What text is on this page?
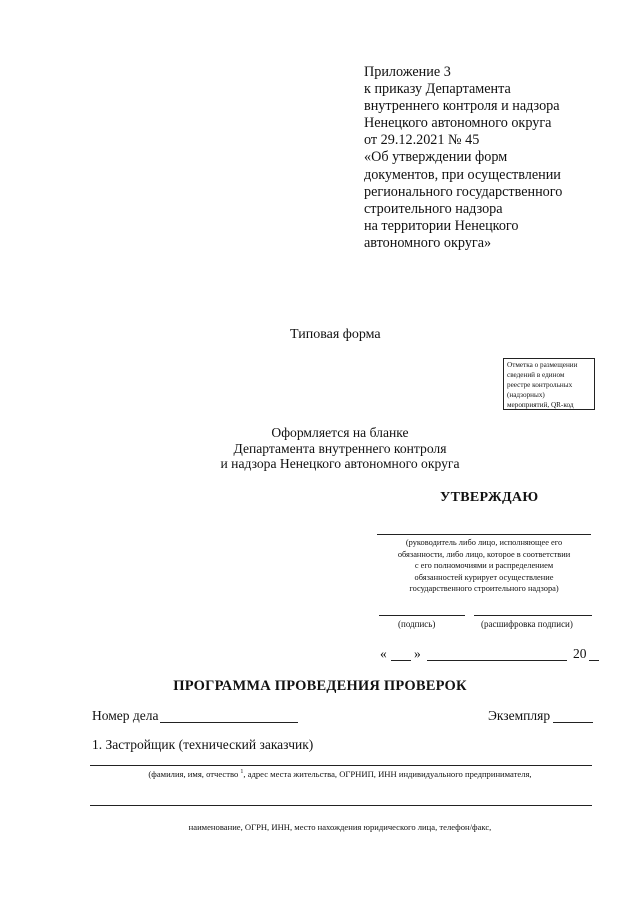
Приложение 3
к приказу Департамента
внутреннего контроля и надзора
Ненецкого автономного округа
от 29.12.2021 № 45
«Об утверждении форм
документов, при осуществлении
регионального государственного
строительного надзора
на территории Ненецкого
автономного округа»
Типовая форма
Отметка о размещении
сведений в едином
реестре контрольных
(надзорных)
мероприятий, QR-код
Оформляется на бланке
Департамента внутреннего контроля
и надзора Ненецкого автономного округа
УТВЕРЖДАЮ
(руководитель либо лицо, исполняющее его
обязанности, либо лицо, которое в соответствии
с его полномочиями и распределением
обязанностей курирует осуществление
государственного строительного надзора)
(подпись)	(расшифровка подписи)
« »	20
ПРОГРАММА ПРОВЕДЕНИЯ ПРОВЕРОК
Номер дела	Экземпляр
1. Застройщик (технический заказчик)
(фамилия, имя, отчество $^1$, адрес места жительства, ОГРНИП, ИНН индивидуального предпринимателя,
наименование, ОГРН, ИНН, место нахождения юридического лица, телефон/факс,
